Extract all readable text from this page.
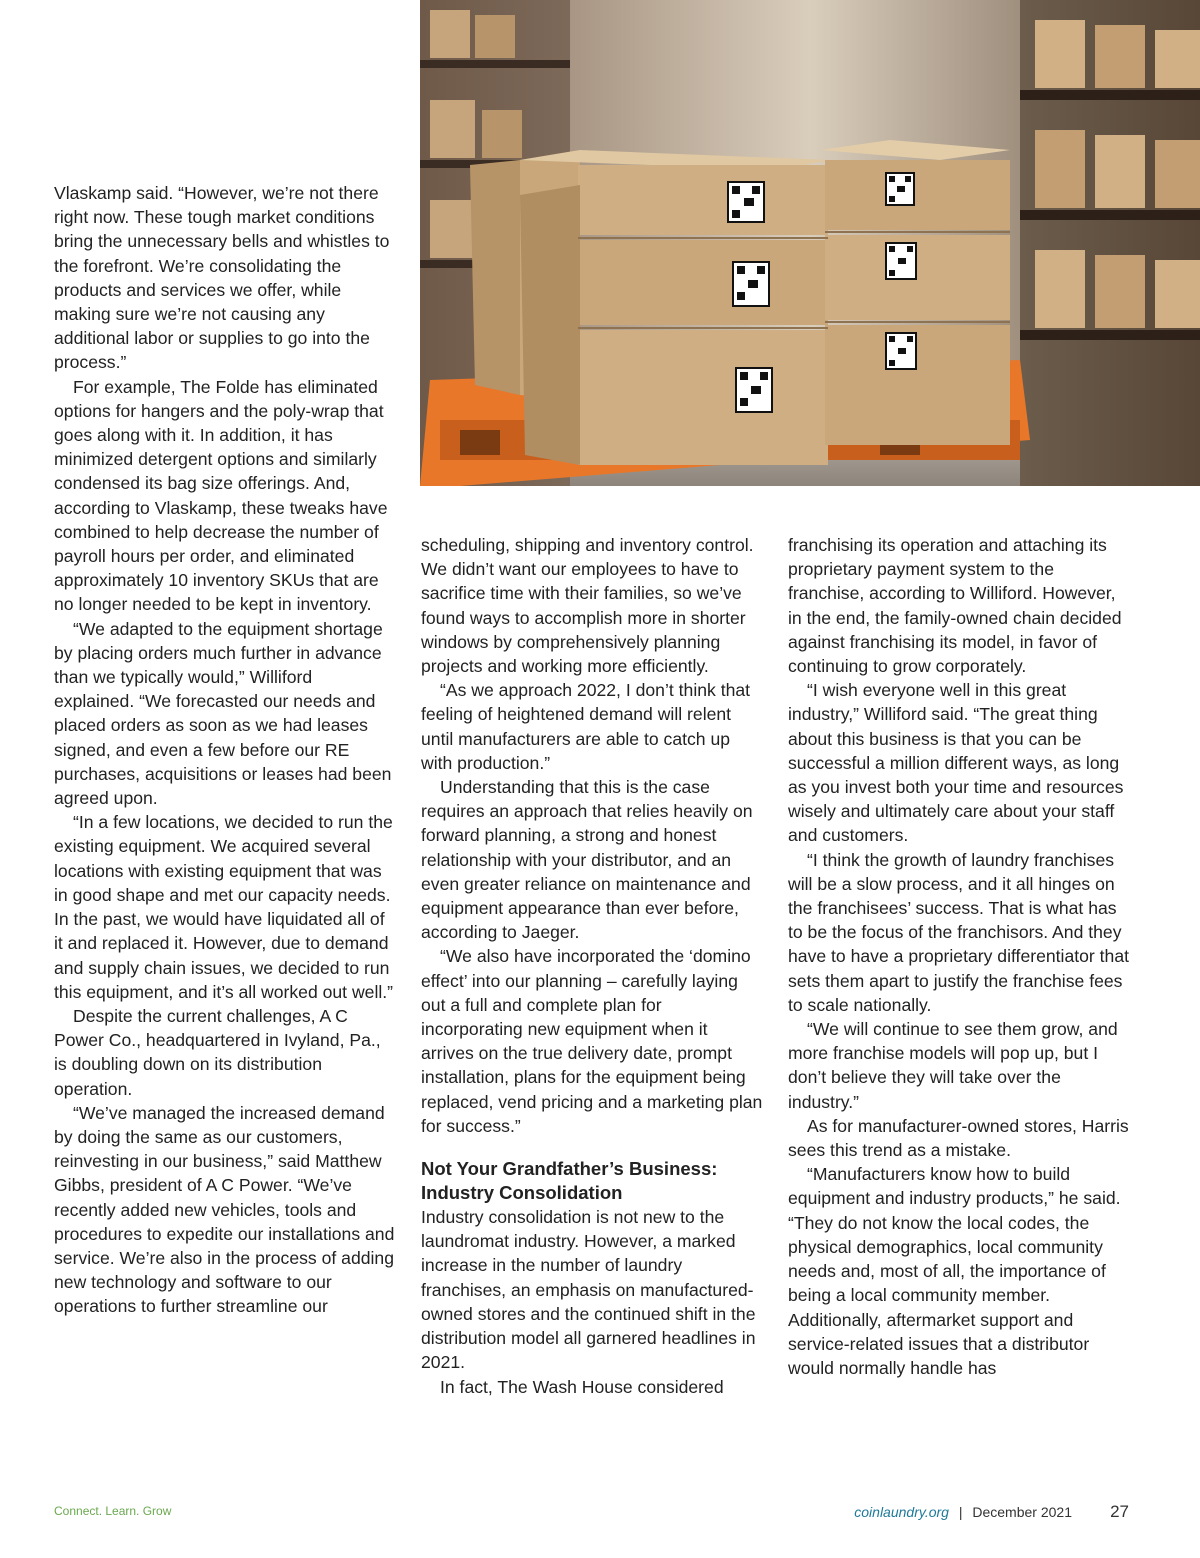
Vlaskamp said. “However, we’re not there right now. These tough market conditions bring the unnecessary bells and whistles to the forefront. We’re consolidating the products and services we offer, while making sure we’re not causing any additional labor or supplies to go into the process.”

For example, The Folde has eliminated options for hangers and the poly-wrap that goes along with it. In addition, it has minimized detergent options and similarly condensed its bag size offerings. And, according to Vlaskamp, these tweaks have combined to help decrease the number of payroll hours per order, and eliminated approximately 10 inventory SKUs that are no longer needed to be kept in inventory.

“We adapted to the equipment shortage by placing orders much further in advance than we typically would,” Williford explained. “We forecasted our needs and placed orders as soon as we had leases signed, and even a few before our RE purchases, acquisitions or leases had been agreed upon.

“In a few locations, we decided to run the existing equipment. We acquired several locations with existing equipment that was in good shape and met our capacity needs. In the past, we would have liquidated all of it and replaced it. However, due to demand and supply chain issues, we decided to run this equipment, and it’s all worked out well.”

Despite the current challenges, A C Power Co., headquartered in Ivyland, Pa., is doubling down on its distribution operation.

“We’ve managed the increased demand by doing the same as our customers, reinvesting in our business,” said Matthew Gibbs, president of A C Power. “We’ve recently added new vehicles, tools and procedures to expedite our installations and service. We’re also in the process of adding new technology and software to our operations to further streamline our

scheduling, shipping and inventory control. We didn’t want our employees to have to sacrifice time with their families, so we’ve found ways to accomplish more in shorter windows by comprehensively planning projects and working more efficiently.

“As we approach 2022, I don’t think that feeling of heightened demand will relent until manufacturers are able to catch up with production.”

Understanding that this is the case requires an approach that relies heavily on forward planning, a strong and honest relationship with your distributor, and an even greater reliance on maintenance and equipment appearance than ever before, according to Jaeger.

“We also have incorporated the ‘domino effect’ into our planning – carefully laying out a full and complete plan for incorporating new equipment when it arrives on the true delivery date, prompt installation, plans for the equipment being replaced, vend pricing and a marketing plan for success.”

Not Your Grandfather’s Business: Industry Consolidation

Industry consolidation is not new to the laundromat industry. However, a marked increase in the number of laundry franchises, an emphasis on manufactured-owned stores and the continued shift in the distribution model all garnered headlines in 2021.

In fact, The Wash House considered

franchising its operation and attaching its proprietary payment system to the franchise, according to Williford. However, in the end, the family-owned chain decided against franchising its model, in favor of continuing to grow corporately.

“I wish everyone well in this great industry,” Williford said. “The great thing about this business is that you can be successful a million different ways, as long as you invest both your time and resources wisely and ultimately care about your staff and customers.

“I think the growth of laundry franchises will be a slow process, and it all hinges on the franchisees’ success. That is what has to be the focus of the franchisors. And they have to have a proprietary differentiator that sets them apart to justify the franchise fees to scale nationally.

“We will continue to see them grow, and more franchise models will pop up, but I don’t believe they will take over the industry.”

As for manufacturer-owned stores, Harris sees this trend as a mistake.

“Manufacturers know how to build equipment and industry products,” he said. “They do not know the local codes, the physical demographics, local community needs and, most of all, the importance of being a local community member. Additionally, aftermarket support and service-related issues that a distributor would normally handle has

Connect. Learn. Grow	coinlaundry.org | December 2021 27
